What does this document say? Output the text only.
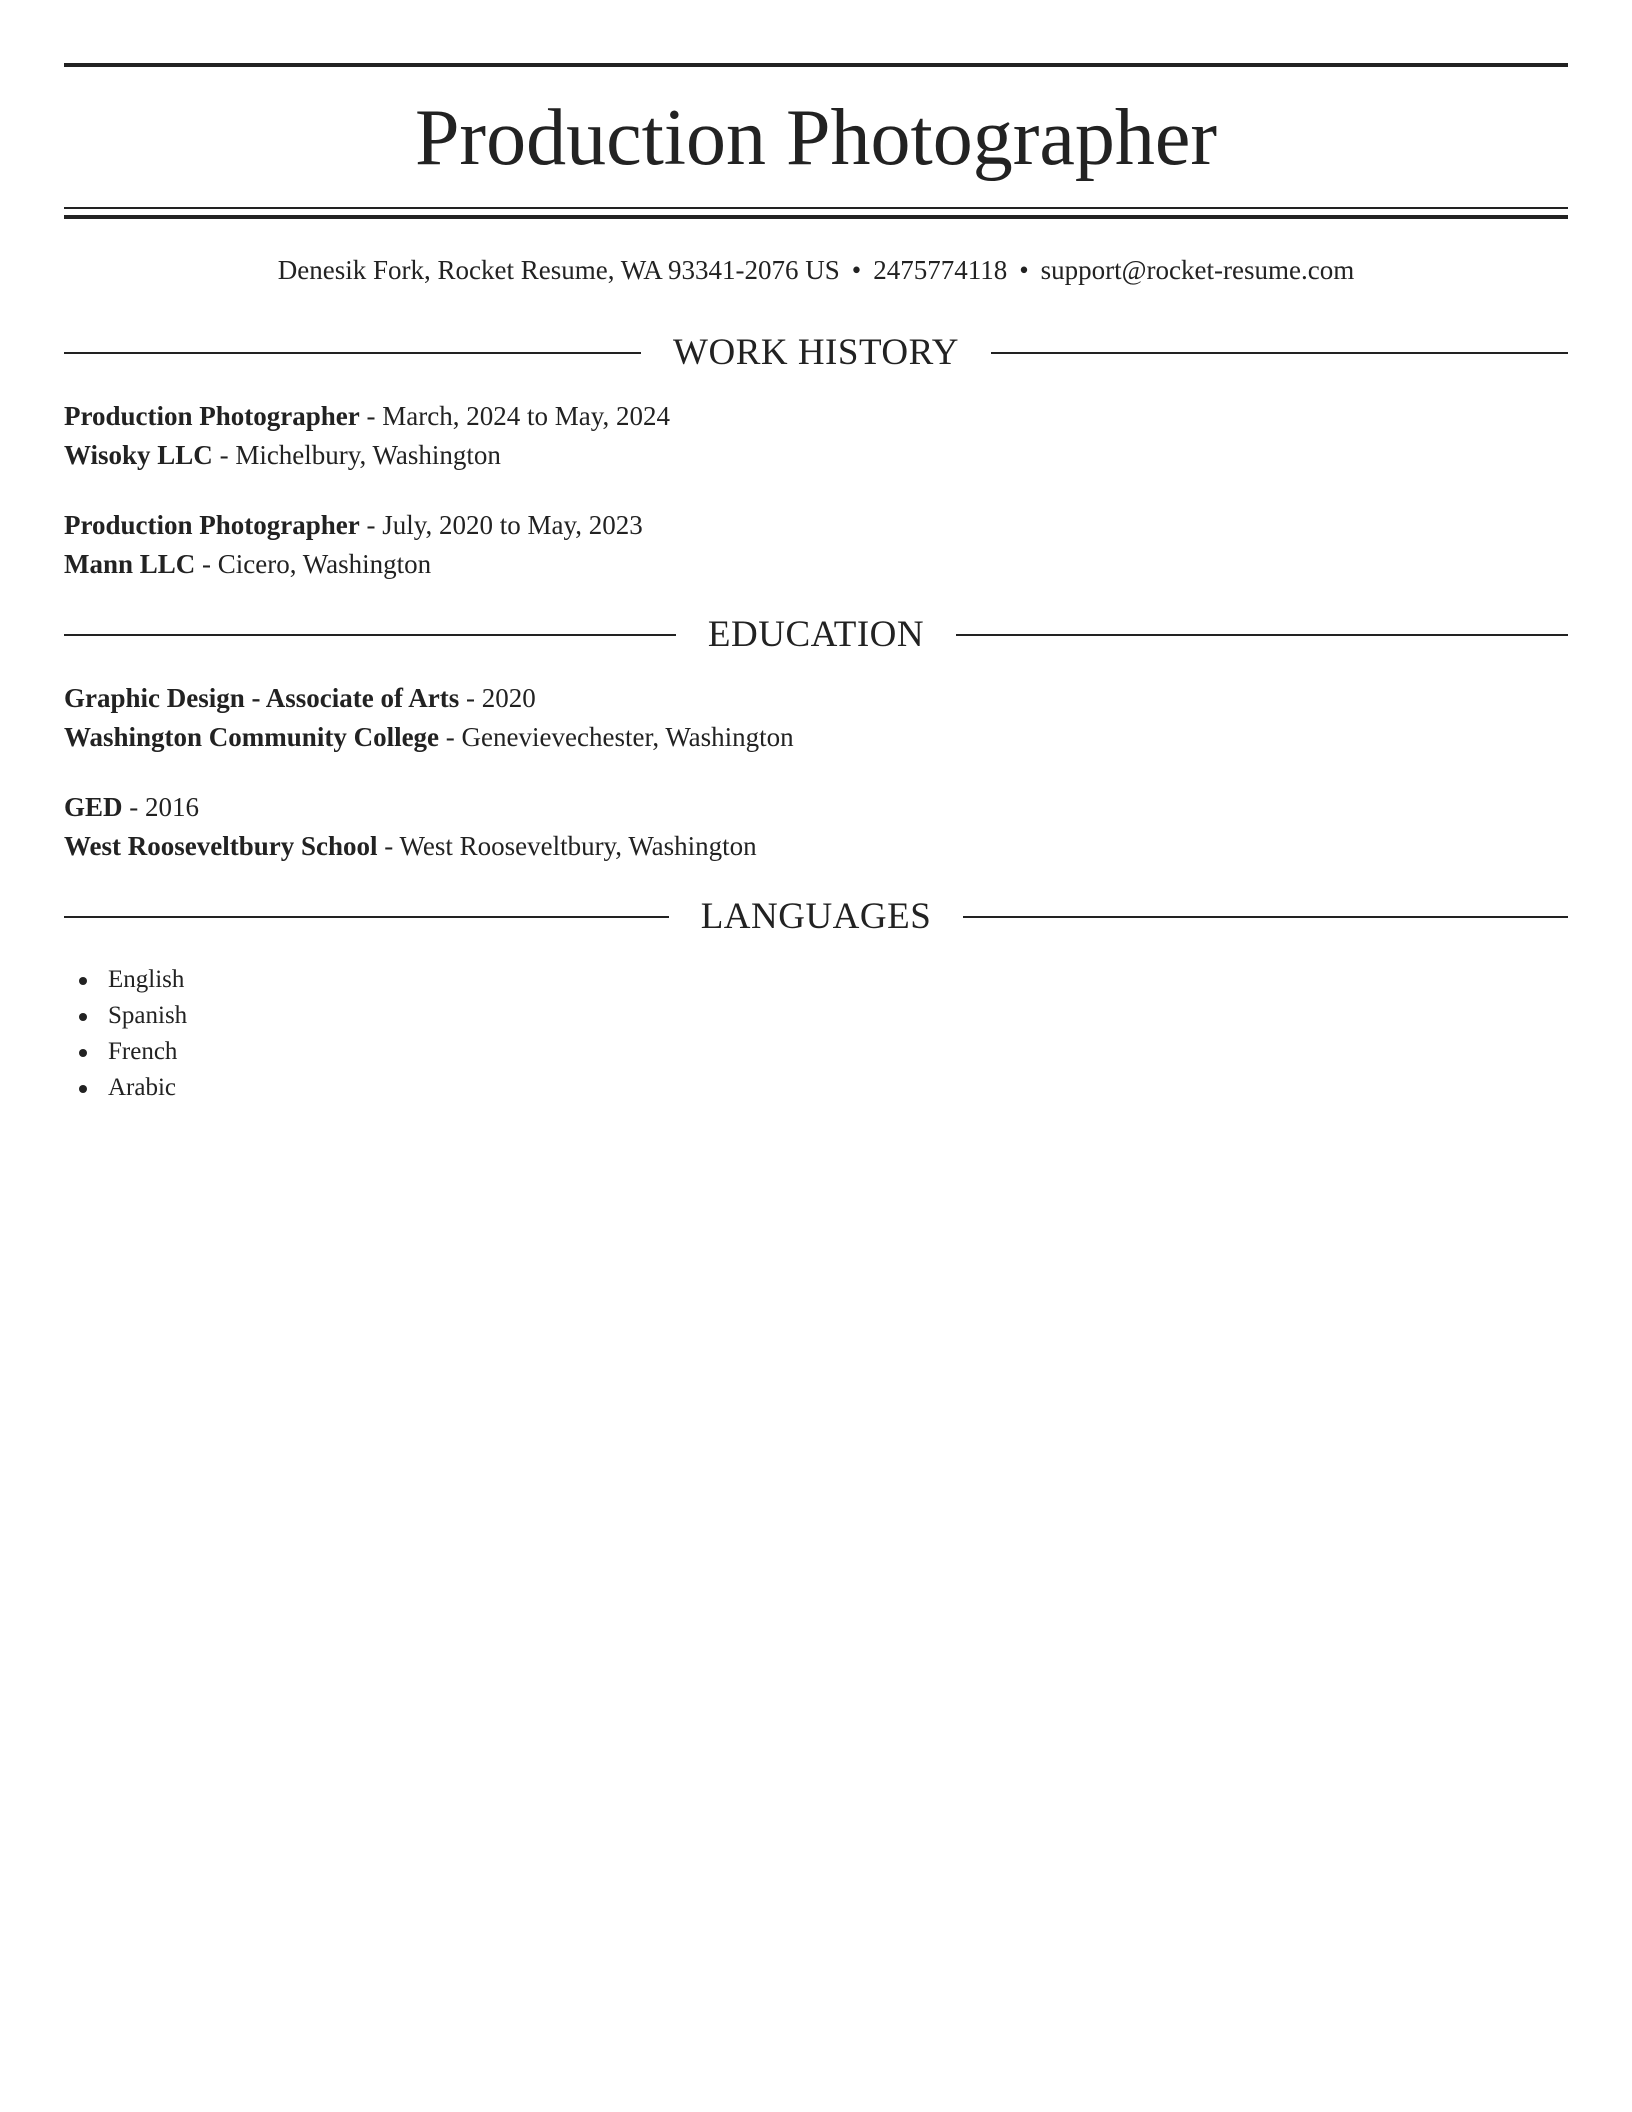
Production Photographer
Denesik Fork, Rocket Resume, WA 93341-2076 US • 2475774118 • support@rocket-resume.com
WORK HISTORY
Production Photographer - March, 2024 to May, 2024
Wisoky LLC - Michelbury, Washington
Production Photographer - July, 2020 to May, 2023
Mann LLC - Cicero, Washington
EDUCATION
Graphic Design - Associate of Arts - 2020
Washington Community College - Genevievechester, Washington
GED - 2016
West Rooseveltbury School - West Rooseveltbury, Washington
LANGUAGES
English
Spanish
French
Arabic
